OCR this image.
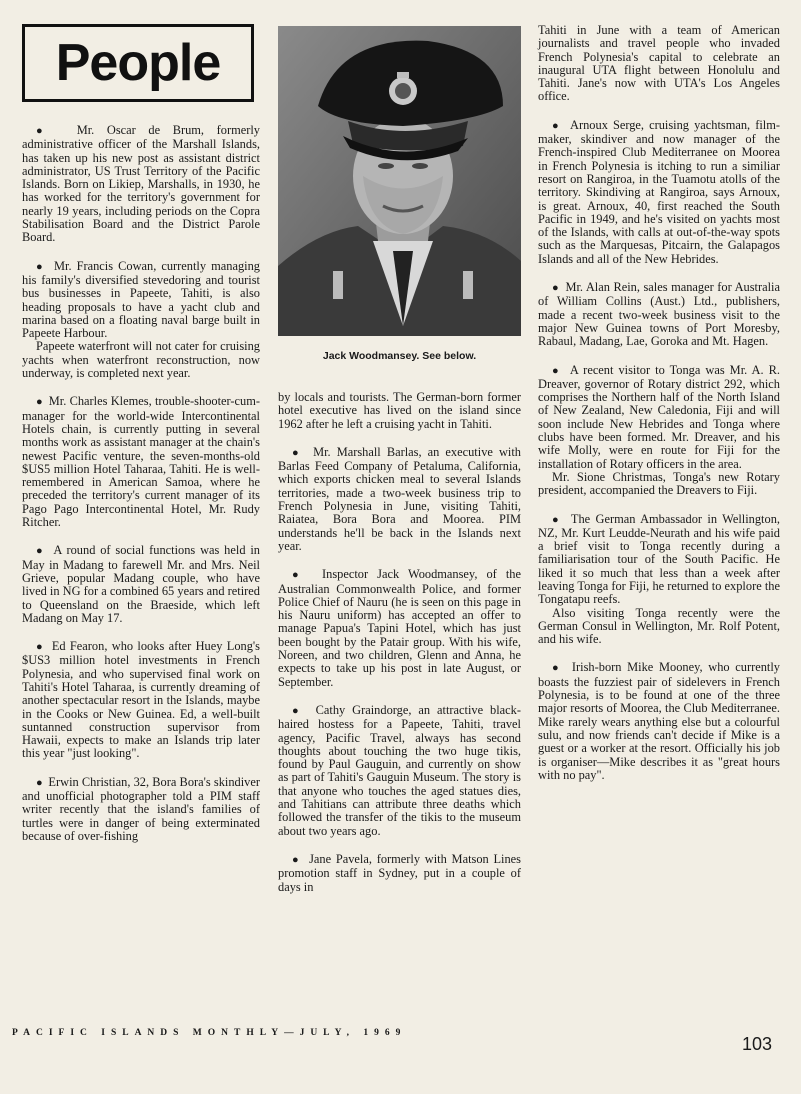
People
Jack Woodmansey. See below.

●  Mr. Oscar de Brum, formerly administrative officer of the Marshall Islands, has taken up his new post as assistant district administrator, US Trust Territory of the Pacific Islands. Born on Likiep, Marshalls, in 1930, he has worked for the territory's government for nearly 19 years, including periods on the Copra Stabilisation Board and the District Parole Board.

●  Mr. Francis Cowan, currently managing his family's diversified stevedoring and tourist bus businesses in Papeete, Tahiti, is also heading proposals to have a yacht club and marina based on a floating naval barge built in Papeete Harbour.

Papeete waterfront will not cater for cruising yachts when waterfront reconstruction, now underway, is completed next year.

●  Mr. Charles Klemes, trouble-shooter-cum-manager for the world-wide Intercontinental Hotels chain, is currently putting in several months work as assistant manager at the chain's newest Pacific venture, the seven-months-old $US5 million Hotel Taharaa, Tahiti. He is well-remembered in American Samoa, where he preceded the territory's current manager of its Pago Pago Intercontinental Hotel, Mr. Rudy Ritcher.

●  A round of social functions was held in May in Madang to farewell Mr. and Mrs. Neil Grieve, popular Madang couple, who have lived in NG for a combined 65 years and retired to Queensland on the Braeside, which left Madang on May 17.

●  Ed Fearon, who looks after Huey Long's $US3 million hotel investments in French Polynesia, and who supervised final work on Tahiti's Hotel Taharaa, is currently dreaming of another spectacular resort in the Islands, maybe in the Cooks or New Guinea. Ed, a well-built suntanned construction supervisor from Hawaii, expects to make an Islands trip later this year "just looking".

●  Erwin Christian, 32, Bora Bora's skindiver and unofficial photographer told a PIM staff writer recently that the island's families of turtles were in danger of being exterminated because of over-fishing

by locals and tourists. The German-born former hotel executive has lived on the island since 1962 after he left a cruising yacht in Tahiti.

●  Mr. Marshall Barlas, an executive with Barlas Feed Company of Petaluma, California, which exports chicken meal to several Islands territories, made a two-week business trip to French Polynesia in June, visiting Tahiti, Raiatea, Bora Bora and Moorea. PIM understands he'll be back in the Islands next year.

●  Inspector Jack Woodmansey, of the Australian Commonwealth Police, and former Police Chief of Nauru (he is seen on this page in his Nauru uniform) has accepted an offer to manage Papua's Tapini Hotel, which has just been bought by the Patair group. With his wife, Noreen, and two children, Glenn and Anna, he expects to take up his post in late August, or September.

●  Cathy Graindorge, an attractive black-haired hostess for a Papeete, Tahiti, travel agency, Pacific Travel, always has second thoughts about touching the two huge tikis, found by Paul Gauguin, and currently on show as part of Tahiti's Gauguin Museum. The story is that anyone who touches the aged statues dies, and Tahitians can attribute three deaths which followed the transfer of the tikis to the museum about two years ago.

●  Jane Pavela, formerly with Matson Lines promotion staff in Sydney, put in a couple of days in

Tahiti in June with a team of American journalists and travel people who invaded French Polynesia's capital to celebrate an inaugural UTA flight between Honolulu and Tahiti. Jane's now with UTA's Los Angeles office.

●  Arnoux Serge, cruising yachtsman, film-maker, skindiver and now manager of the French-inspired Club Mediterranee on Moorea in French Polynesia is itching to run a similiar resort on Rangiroa, in the Tuamotu atolls of the territory. Skindiving at Rangiroa, says Arnoux, is great. Arnoux, 40, first reached the South Pacific in 1949, and he's visited on yachts most of the Islands, with calls at out-of-the-way spots such as the Marquesas, Pitcairn, the Galapagos Islands and all of the New Hebrides.

●  Mr. Alan Rein, sales manager for Australia of William Collins (Aust.) Ltd., publishers, made a recent two-week business visit to the major New Guinea towns of Port Moresby, Rabaul, Madang, Lae, Goroka and Mt. Hagen.

●  A recent visitor to Tonga was Mr. A. R. Dreaver, governor of Rotary district 292, which comprises the Northern half of the North Island of New Zealand, New Caledonia, Fiji and will soon include New Hebrides and Tonga where clubs have been formed. Mr. Dreaver, and his wife Molly, were en route for Fiji for the installation of Rotary officers in the area.

Mr. Sione Christmas, Tonga's new Rotary president, accompanied the Dreavers to Fiji.

●  The German Ambassador in Wellington, NZ, Mr. Kurt Leudde-Neurath and his wife paid a brief visit to Tonga recently during a familiarisation tour of the South Pacific. He liked it so much that less than a week after leaving Tonga for Fiji, he returned to explore the Tongatapu reefs.

Also visiting Tonga recently were the German Consul in Wellington, Mr. Rolf Potent, and his wife.

●  Irish-born Mike Mooney, who currently boasts the fuzziest pair of sidelevers in French Polynesia, is to be found at one of the three major resorts of Moorea, the Club Mediterranee. Mike rarely wears anything else but a colourful sulu, and now friends can't decide if Mike is a guest or a worker at the resort. Officially his job is organiser—Mike describes it as "great hours with no pay".

PACIFIC ISLANDS MONTHLY—JULY, 1969
103
